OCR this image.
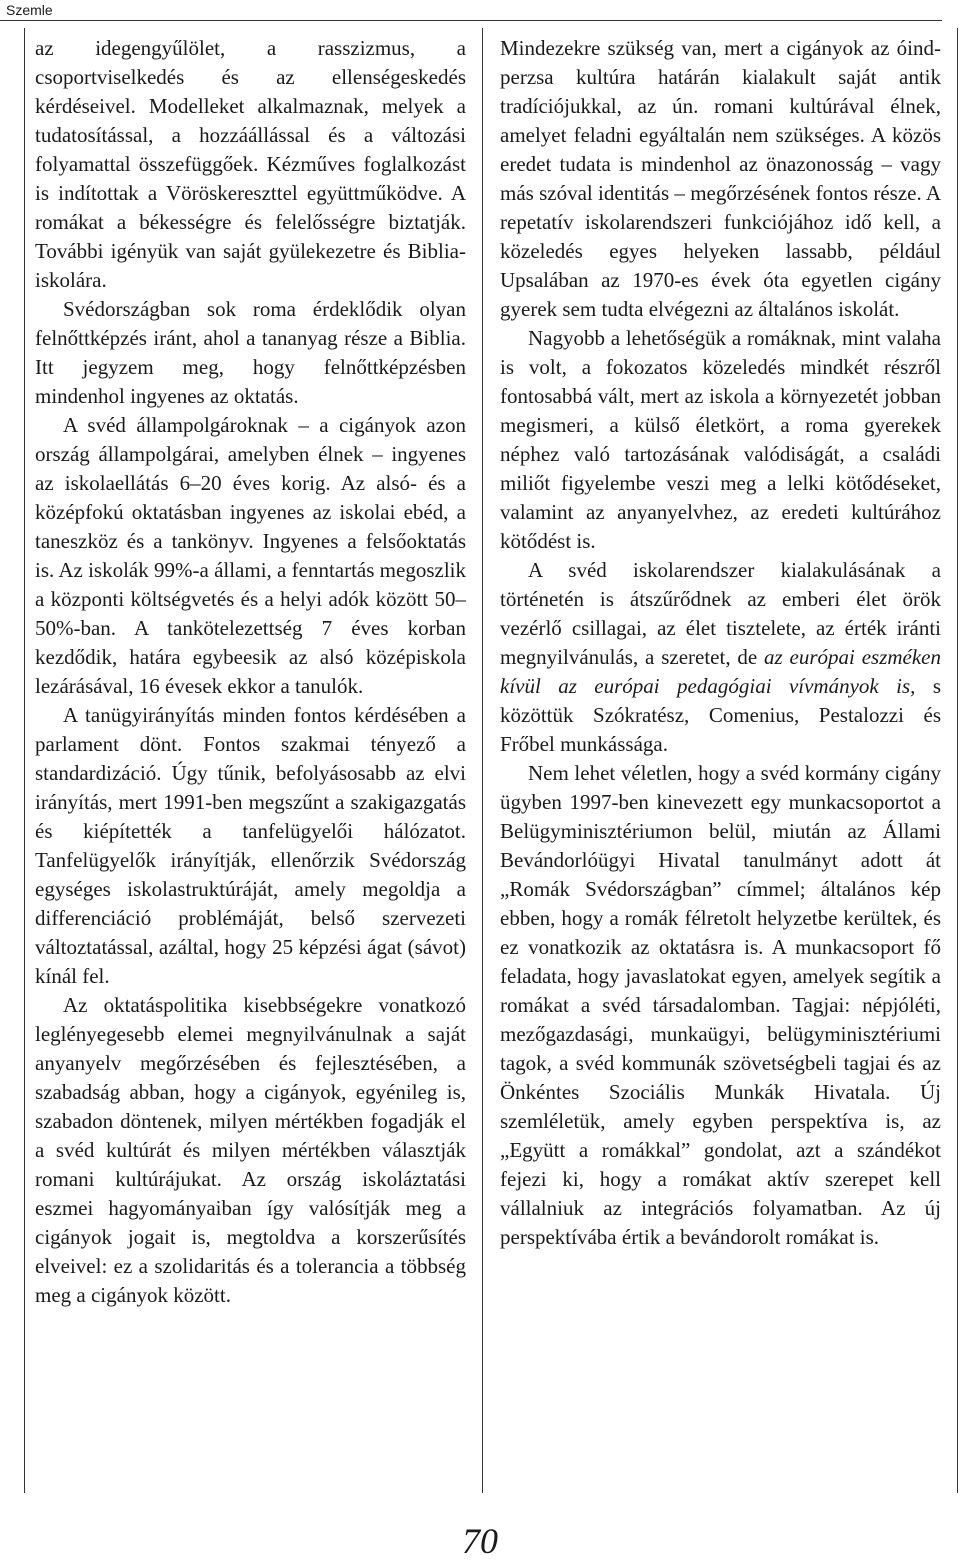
Szemle

az idegengyűlölet, a rasszizmus, a csoportviselkedés és az ellenségeskedés kérdéseivel. Modelleket alkalmaznak, melyek a tudatosítással, a hozzáállással és a változási folyamattal összefüggőek. Kézműves foglalkozást is indítottak a Vöröskereszttel együttműködve. A romákat a békességre és felelősségre biztatják. További igényük van saját gyülekezetre és Biblia-iskolára.

Svédországban sok roma érdeklődik olyan felnőttképzés iránt, ahol a tananyag része a Biblia. Itt jegyzem meg, hogy felnőttképzésben mindenhol ingyenes az oktatás.

A svéd állampolgároknak – a cigányok azon ország állampolgárai, amelyben élnek – ingyenes az iskolaellátás 6–20 éves korig. Az alsó- és a középfokú oktatásban ingyenes az iskolai ebéd, a taneszköz és a tankönyv. Ingyenes a felsőoktatás is. Az iskolák 99%-a állami, a fenntartás megoszlik a központi költségvetés és a helyi adók között 50–50%-ban. A tankötelezettség 7 éves korban kezdődik, határa egybeesik az alsó középiskola lezárásával, 16 évesek ekkor a tanulók.

A tanügyirányítás minden fontos kérdésében a parlament dönt. Fontos szakmai tényező a standardizáció. Úgy tűnik, befolyásosabb az elvi irányítás, mert 1991-ben megszűnt a szakigazgatás és kiépítették a tanfelügyelői hálózatot. Tanfelügyelők irányítják, ellenőrzik Svédország egységes iskolastruktúráját, amely megoldja a differenciáció problémáját, belső szervezeti változtatással, azáltal, hogy 25 képzési ágat (sávot) kínál fel.

Az oktatáspolitika kisebbségekre vonatkozó leglényegesebb elemei megnyilvánulnak a saját anyanyelv megőrzésében és fejlesztésében, a szabadság abban, hogy a cigányok, egyénileg is, szabadon döntenek, milyen mértékben fogadják el a svéd kultúrát és milyen mértékben választják romani kultúrájukat. Az ország iskoláztatási eszmei hagyományaiban így valósítják meg a cigányok jogait is, megtoldva a korszerűsítés elveivel: ez a szolidaritás és a tolerancia a többség meg a cigányok között.

Mindezekre szükség van, mert a cigányok az óind-perzsa kultúra határán kialakult saját antik tradíciójukkal, az ún. romani kultúrával élnek, amelyet feladni egyáltalán nem szükséges. A közös eredet tudata is mindenhol az önazonosság – vagy más szóval identitás – megőrzésének fontos része. A repetatív iskolarendszeri funkciójához idő kell, a közeledés egyes helyeken lassabb, például Upsalában az 1970-es évek óta egyetlen cigány gyerek sem tudta elvégezni az általános iskolát.

Nagyobb a lehetőségük a romáknak, mint valaha is volt, a fokozatos közeledés mindkét részről fontosabbá vált, mert az iskola a környezetét jobban megismeri, a külső életkört, a roma gyerekek néphez való tartozásának valódiságát, a családi miliőt figyelembe veszi meg a lelki kötődéseket, valamint az anyanyelvhez, az eredeti kultúrához kötődést is.

A svéd iskolarendszer kialakulásának a történetén is átszűrődnek az emberi élet örök vezérlő csillagai, az élet tisztelete, az érték iránti megnyilvánulás, a szeretet, de az európai eszméken kívül az európai pedagógiai vívmányok is, s közöttük Szókratész, Comenius, Pestalozzi és Frőbel munkássága.

Nem lehet véletlen, hogy a svéd kormány cigány ügyben 1997-ben kinevezett egy munkacsoportot a Belügyminisztériumon belül, miután az Állami Bevándorlóügyi Hivatal tanulmányt adott át „Romák Svédországban” címmel; általános kép ebben, hogy a romák félretolt helyzetbe kerültek, és ez vonatkozik az oktatásra is. A munkacsoport fő feladata, hogy javaslatokat egyen, amelyek segítik a romákat a svéd társadalomban. Tagjai: népjóléti, mezőgazdasági, munkaügyi, belügyminisztériumi tagok, a svéd kommunák szövetségbeli tagjai és az Önkéntes Szociális Munkák Hivatala. Új szemléletük, amely egyben perspektíva is, az „Együtt a romákkal” gondolat, azt a szándékot fejezi ki, hogy a romákat aktív szerepet kell vállalniuk az integrációs folyamatban. Az új perspektívába értik a bevándorolt romákat is.

70
